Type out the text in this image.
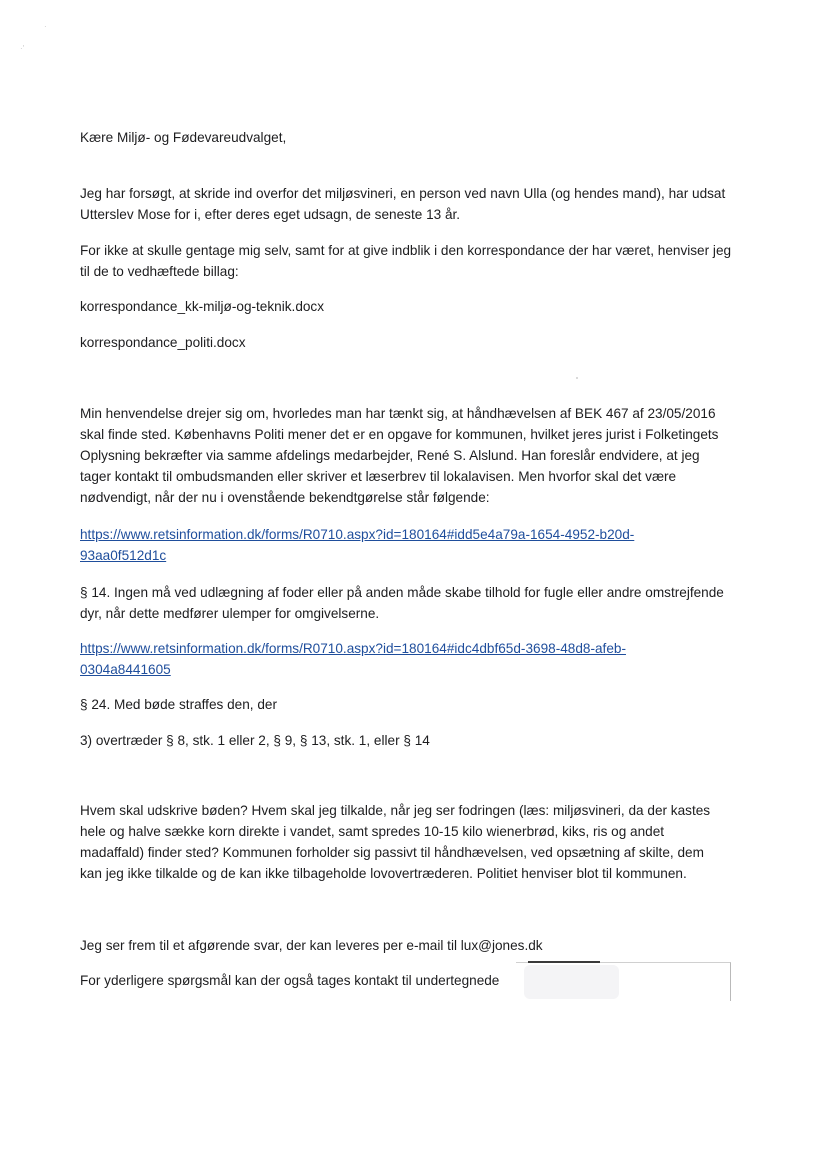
·
·'

Kære Miljø- og Fødevareudvalget,

Jeg har forsøgt, at skride ind overfor det miljøsvineri, en person ved navn Ulla (og hendes mand), har udsat
Utterslev Mose for i, efter deres eget udsagn, de seneste 13 år.

For ikke at skulle gentage mig selv, samt for at give indblik i den korrespondance der har været, henviser jeg
til de to vedhæftede billag:

korrespondance_kk-miljø-og-teknik.docx

korrespondance_politi.docx

Min henvendelse drejer sig om, hvorledes man har tænkt sig, at håndhævelsen af BEK 467 af 23/05/2016
skal finde sted. Københavns Politi mener det er en opgave for kommunen, hvilket jeres jurist i Folketingets
Oplysning bekræfter via samme afdelings medarbejder, René S. Alslund. Han foreslår endvidere, at jeg
tager kontakt til ombudsmanden eller skriver et læserbrev til lokalavisen. Men hvorfor skal det være
nødvendigt, når der nu i ovenstående bekendtgørelse står følgende:

https://www.retsinformation.dk/forms/R0710.aspx?id=180164#idd5e4a79a-1654-4952-b20d-
93aa0f512d1c

§ 14. Ingen må ved udlægning af foder eller på anden måde skabe tilhold for fugle eller andre omstrejfende
dyr, når dette medfører ulemper for omgivelserne.

https://www.retsinformation.dk/forms/R0710.aspx?id=180164#idc4dbf65d-3698-48d8-afeb-
0304a8441605

§ 24. Med bøde straffes den, der

3) overtræder § 8, stk. 1 eller 2, § 9, § 13, stk. 1, eller § 14

Hvem skal udskrive bøden? Hvem skal jeg tilkalde, når jeg ser fodringen (læs: miljøsvineri, da der kastes
hele og halve sække korn direkte i vandet, samt spredes 10-15 kilo wienerbrød, kiks, ris og andet
madaffald) finder sted? Kommunen forholder sig passivt til håndhævelsen, ved opsætning af skilte, dem
kan jeg ikke tilkalde og de kan ikke tilbageholde lovovertræderen. Politiet henviser blot til kommunen.

Jeg ser frem til et afgørende svar, der kan leveres per e-mail til lux@jones.dk

For yderligere spørgsmål kan der også tages kontakt til undertegnede
